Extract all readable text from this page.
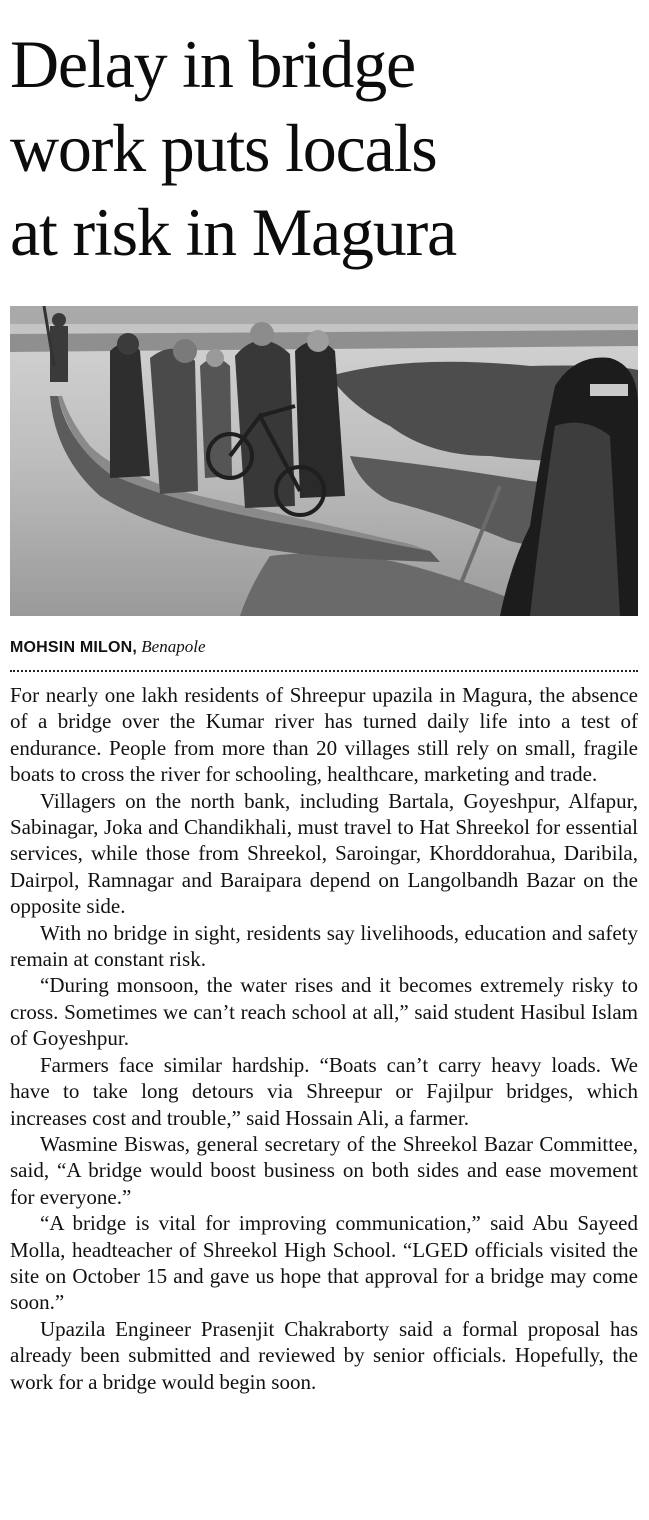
Delay in bridge
work puts locals
at risk in Magura
MOHSIN MILON, Benapole

For nearly one lakh residents of Shreepur upazila in Magura, the absence of a bridge over the Kumar river has turned daily life into a test of endurance. People from more than 20 villages still rely on small, fragile boats to cross the river for schooling, healthcare, marketing and trade.

Villagers on the north bank, including Bartala, Goyeshpur, Alfapur, Sabinagar, Joka and Chandikhali, must travel to Hat Shreekol for essential services, while those from Shreekol, Saroingar, Khorddorahua, Daribila, Dairpol, Ramnagar and Baraipara depend on Langolbandh Bazar on the opposite side.

With no bridge in sight, residents say livelihoods, education and safety remain at constant risk.

“During monsoon, the water rises and it becomes extremely risky to cross. Sometimes we can’t reach school at all,” said student Hasibul Islam of Goyeshpur.

Farmers face similar hardship. “Boats can’t carry heavy loads. We have to take long detours via Shreepur or Fajilpur bridges, which increases cost and trouble,” said Hossain Ali, a farmer.

Wasmine Biswas, general secretary of the Shreekol Bazar Committee, said, “A bridge would boost business on both sides and ease movement for everyone.”

“A bridge is vital for improving communication,” said Abu Sayeed Molla, headteacher of Shreekol High School. “LGED officials visited the site on October 15 and gave us hope that approval for a bridge may come soon.”

Upazila Engineer Prasenjit Chakraborty said a formal proposal has already been submitted and reviewed by senior officials. Hopefully, the work for a bridge would begin soon.
